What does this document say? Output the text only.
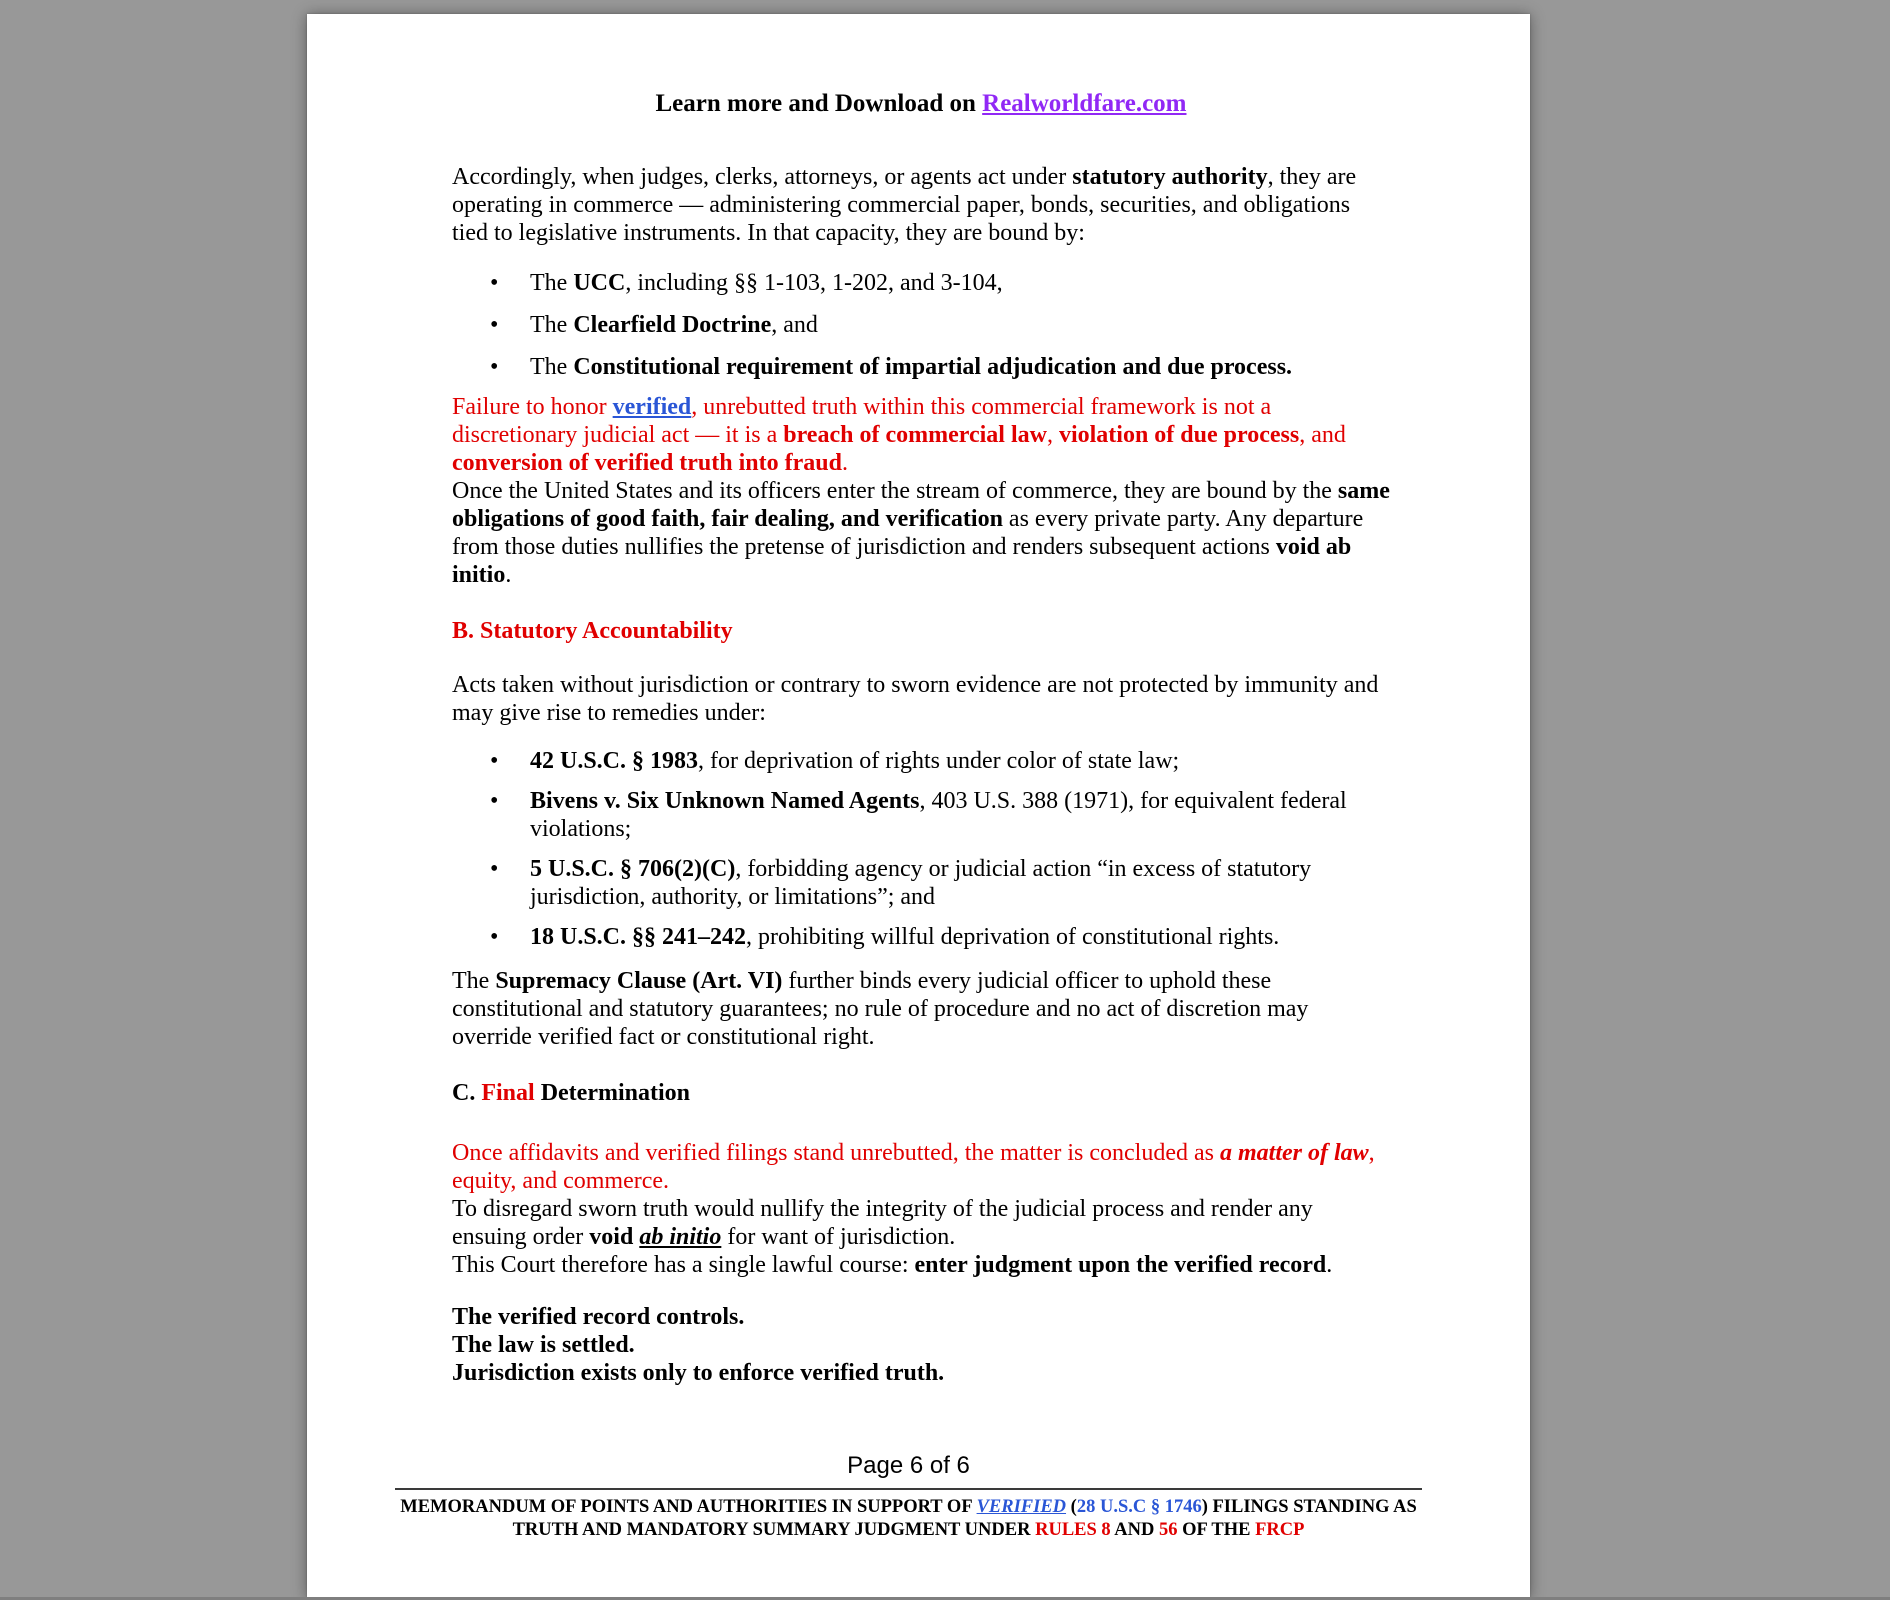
Learn more and Download on Realworldfare.com
Accordingly, when judges, clerks, attorneys, or agents act under statutory authority, they are operating in commerce — administering commercial paper, bonds, securities, and obligations tied to legislative instruments. In that capacity, they are bound by:
• The UCC, including §§ 1-103, 1-202, and 3-104,
• The Clearfield Doctrine, and
• The Constitutional requirement of impartial adjudication and due process.
Failure to honor verified, unrebutted truth within this commercial framework is not a discretionary judicial act — it is a breach of commercial law, violation of due process, and conversion of verified truth into fraud.
Once the United States and its officers enter the stream of commerce, they are bound by the same obligations of good faith, fair dealing, and verification as every private party. Any departure from those duties nullifies the pretense of jurisdiction and renders subsequent actions void ab initio.
B. Statutory Accountability
Acts taken without jurisdiction or contrary to sworn evidence are not protected by immunity and may give rise to remedies under:
• 42 U.S.C. § 1983, for deprivation of rights under color of state law;
• Bivens v. Six Unknown Named Agents, 403 U.S. 388 (1971), for equivalent federal violations;
• 5 U.S.C. § 706(2)(C), forbidding agency or judicial action “in excess of statutory jurisdiction, authority, or limitations”; and
• 18 U.S.C. §§ 241–242, prohibiting willful deprivation of constitutional rights.
The Supremacy Clause (Art. VI) further binds every judicial officer to uphold these constitutional and statutory guarantees; no rule of procedure and no act of discretion may override verified fact or constitutional right.
C. Final Determination
Once affidavits and verified filings stand unrebutted, the matter is concluded as a matter of law, equity, and commerce.
To disregard sworn truth would nullify the integrity of the judicial process and render any ensuing order void ab initio for want of jurisdiction.
This Court therefore has a single lawful course: enter judgment upon the verified record.
The verified record controls.
The law is settled.
Jurisdiction exists only to enforce verified truth.
Page 6 of 6
MEMORANDUM OF POINTS AND AUTHORITIES IN SUPPORT OF VERIFIED (28 U.S.C § 1746) FILINGS STANDING AS
TRUTH AND MANDATORY SUMMARY JUDGMENT UNDER RULES 8 AND 56 OF THE FRCP
